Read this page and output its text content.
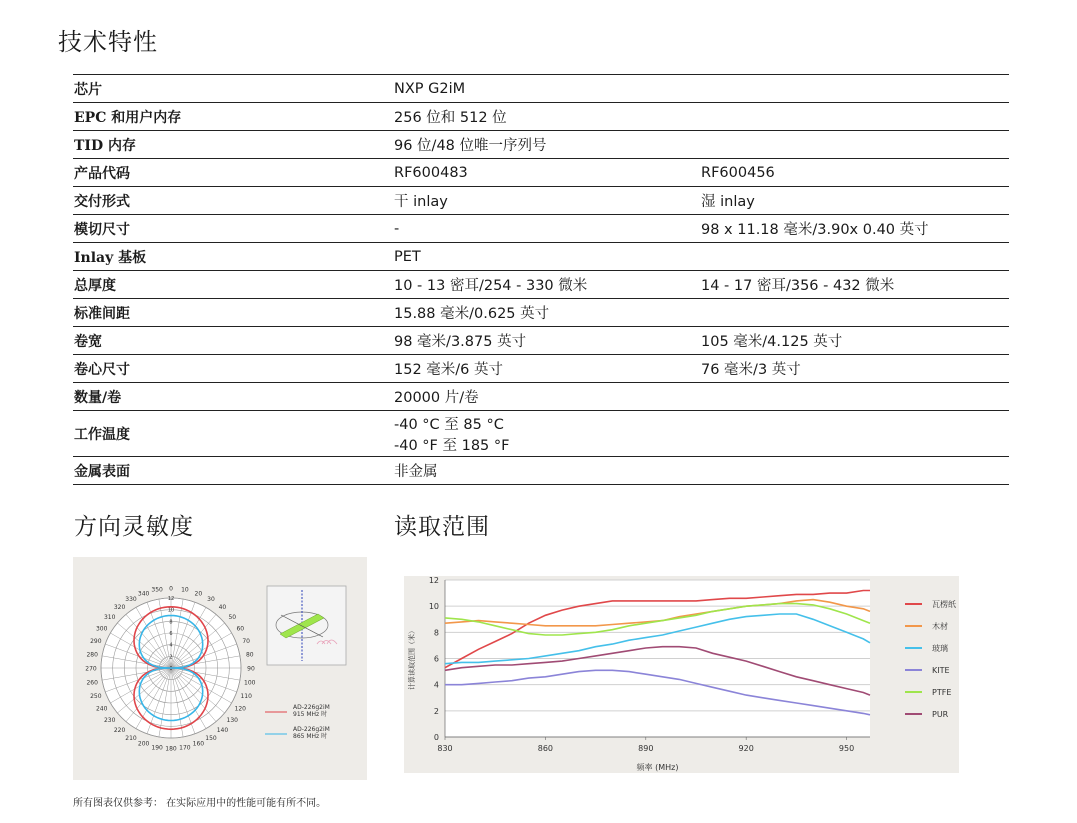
技术特性
芯片	NXP G2iM	
EPC 和用户内存	256 位和 512 位	
TID 内存	96 位/48 位唯一序列号	
产品代码	RF600483	RF600456
交付形式	干 inlay	湿 inlay
模切尺寸	-	98 x 11.18 毫米/3.90x 0.40 英寸
Inlay 基板	PET	
总厚度	10 - 13 密耳/254 - 330 微米	14 - 17 密耳/356 - 432 微米
标准间距	15.88 毫米/0.625 英寸	
卷宽	98 毫米/3.875 英寸	105 毫米/4.125 英寸
卷心尺寸	152 毫米/6 英寸	76 毫米/3 英寸
数量/卷	20000 片/卷	
工作温度	-40 °C 至 85 °C
-40 °F 至 185 °F	

金属表面	非金属	
方向灵敏度	读取范围
0 10
20
30
40
50
60
70
80
90
100
110
120
130
140
150
160
170
180
190
200
210
220
230
240
250
260
270
280
290
300
310
320
330
340
350
0
2
4
6
8
10
12
AD-226g2iM
915 MHz 时
AD-226g2iM
865 MHz 时	0
2
4
6
8
10
12
830	860	890	920	950
频率 (MHz)
计算读取范围（米）
瓦楞纸
木材
玻璃
KITE
PTFE
PUR
所有图表仅供参考： 在实际应用中的性能可能有所不同。
